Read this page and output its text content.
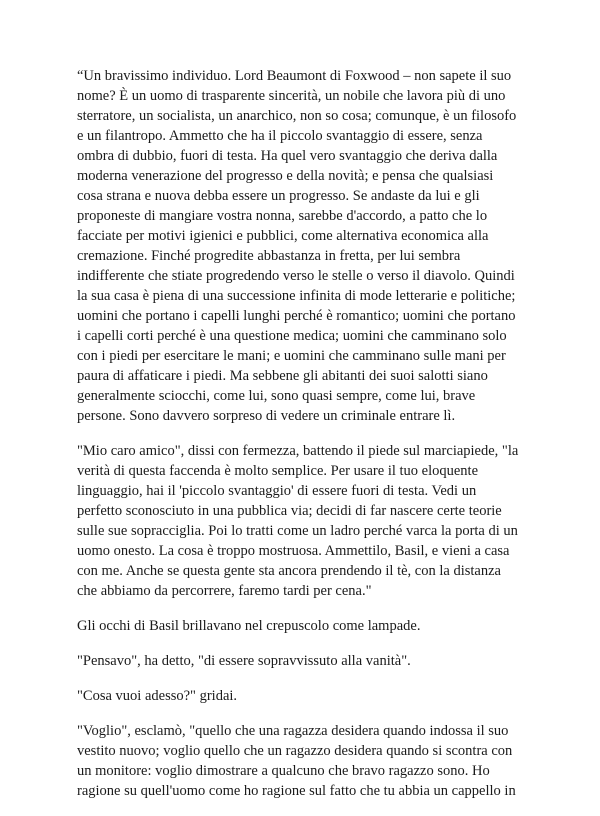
“Un bravissimo individuo. Lord Beaumont di Foxwood – non sapete il suo
nome? È un uomo di trasparente sincerità, un nobile che lavora più di uno
sterratore, un socialista, un anarchico, non so cosa; comunque, è un filosofo
e un filantropo. Ammetto che ha il piccolo svantaggio di essere, senza
ombra di dubbio, fuori di testa. Ha quel vero svantaggio che deriva dalla
moderna venerazione del progresso e della novità; e pensa che qualsiasi
cosa strana e nuova debba essere un progresso. Se andaste da lui e gli
proponeste di mangiare vostra nonna, sarebbe d'accordo, a patto che lo
facciate per motivi igienici e pubblici, come alternativa economica alla
cremazione. Finché progredite abbastanza in fretta, per lui sembra
indifferente che stiate progredendo verso le stelle o verso il diavolo. Quindi
la sua casa è piena di una successione infinita di mode letterarie e politiche;
uomini che portano i capelli lunghi perché è romantico; uomini che portano
i capelli corti perché è una questione medica; uomini che camminano solo
con i piedi per esercitare le mani; e uomini che camminano sulle mani per
paura di affaticare i piedi. Ma sebbene gli abitanti dei suoi salotti siano
generalmente sciocchi, come lui, sono quasi sempre, come lui, brave
persone. Sono davvero sorpreso di vedere un criminale entrare lì.
"Mio caro amico", dissi con fermezza, battendo il piede sul marciapiede, "la
verità di questa faccenda è molto semplice. Per usare il tuo eloquente
linguaggio, hai il 'piccolo svantaggio' di essere fuori di testa. Vedi un
perfetto sconosciuto in una pubblica via; decidi di far nascere certe teorie
sulle sue sopracciglia. Poi lo tratti come un ladro perché varca la porta di un
uomo onesto. La cosa è troppo mostruosa. Ammettilo, Basil, e vieni a casa
con me. Anche se questa gente sta ancora prendendo il tè, con la distanza
che abbiamo da percorrere, faremo tardi per cena."
Gli occhi di Basil brillavano nel crepuscolo come lampade.
"Pensavo", ha detto, "di essere sopravvissuto alla vanità".
"Cosa vuoi adesso?" gridai.
"Voglio", esclamò, "quello che una ragazza desidera quando indossa il suo
vestito nuovo; voglio quello che un ragazzo desidera quando si scontra con
un monitore: voglio dimostrare a qualcuno che bravo ragazzo sono. Ho
ragione su quell'uomo come ho ragione sul fatto che tu abbia un cappello in
